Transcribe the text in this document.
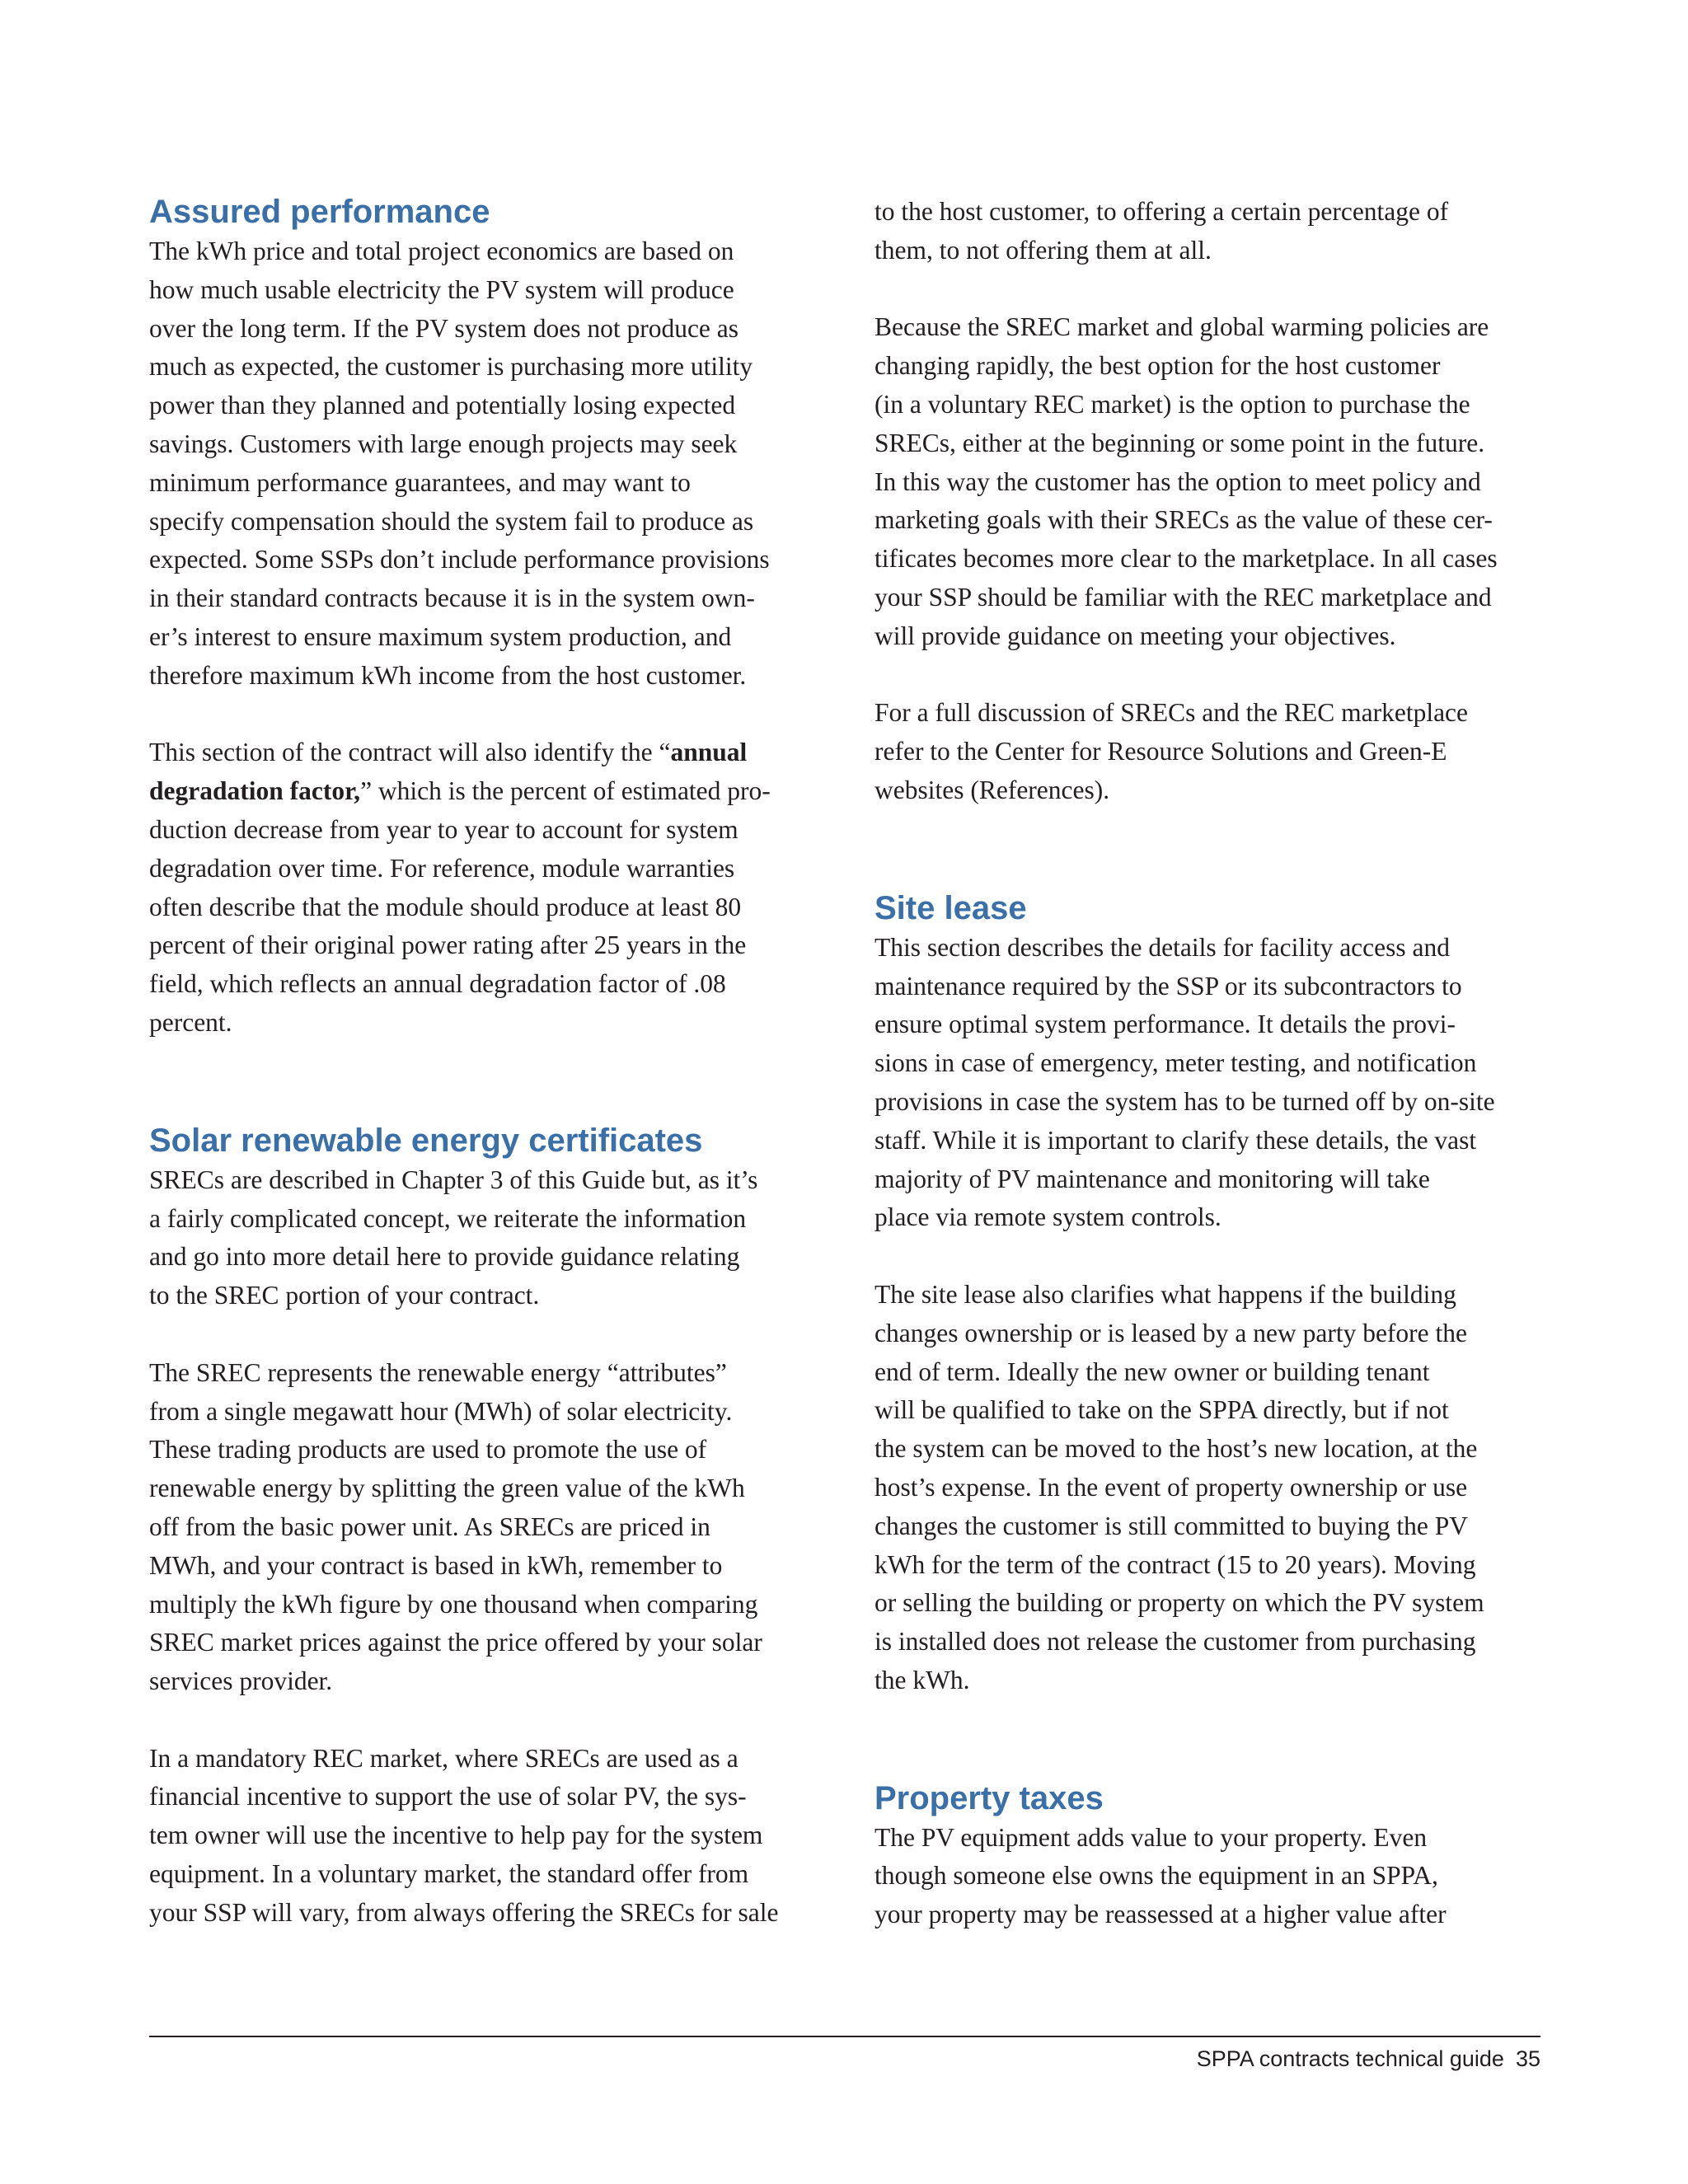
Assured performance

The kWh price and total project economics are based on
how much usable electricity the PV system will produce
over the long term. If the PV system does not produce as
much as expected, the customer is purchasing more utility
power than they planned and potentially losing expected
savings. Customers with large enough projects may seek
minimum performance guarantees, and may want to
specify compensation should the system fail to produce as
expected. Some SSPs don’t include performance provisions
in their standard contracts because it is in the system own-
er’s interest to ensure maximum system production, and
therefore maximum kWh income from the host customer.

This section of the contract will also identify the “annual
degradation factor,” which is the percent of estimated pro-
duction decrease from year to year to account for system
degradation over time. For reference, module warranties
often describe that the module should produce at least 80
percent of their original power rating after 25 years in the
field, which reflects an annual degradation factor of .08
percent.

Solar renewable energy certificates

SRECs are described in Chapter 3 of this Guide but, as it’s
a fairly complicated concept, we reiterate the information
and go into more detail here to provide guidance relating
to the SREC portion of your contract.

The SREC represents the renewable energy “attributes”
from a single megawatt hour (MWh) of solar electricity.
These trading products are used to promote the use of
renewable energy by splitting the green value of the kWh
off from the basic power unit. As SRECs are priced in
MWh, and your contract is based in kWh, remember to
multiply the kWh figure by one thousand when comparing
SREC market prices against the price offered by your solar
services provider.

In a mandatory REC market, where SRECs are used as a
financial incentive to support the use of solar PV, the sys-
tem owner will use the incentive to help pay for the system
equipment. In a voluntary market, the standard offer from
your SSP will vary, from always offering the SRECs for sale

to the host customer, to offering a certain percentage of
them, to not offering them at all.

Because the SREC market and global warming policies are
changing rapidly, the best option for the host customer
(in a voluntary REC market) is the option to purchase the
SRECs, either at the beginning or some point in the future.
In this way the customer has the option to meet policy and
marketing goals with their SRECs as the value of these cer-
tificates becomes more clear to the marketplace. In all cases
your SSP should be familiar with the REC marketplace and
will provide guidance on meeting your objectives.

For a full discussion of SRECs and the REC marketplace
refer to the Center for Resource Solutions and Green-E
websites (References).

Site lease

This section describes the details for facility access and
maintenance required by the SSP or its subcontractors to
ensure optimal system performance. It details the provi-
sions in case of emergency, meter testing, and notification
provisions in case the system has to be turned off by on-site
staff. While it is important to clarify these details, the vast
majority of PV maintenance and monitoring will take
place via remote system controls.

The site lease also clarifies what happens if the building
changes ownership or is leased by a new party before the
end of term. Ideally the new owner or building tenant
will be qualified to take on the SPPA directly, but if not
the system can be moved to the host’s new location, at the
host’s expense. In the event of property ownership or use
changes the customer is still committed to buying the PV
kWh for the term of the contract (15 to 20 years). Moving
or selling the building or property on which the PV system
is installed does not release the customer from purchasing
the kWh.

Property taxes

The PV equipment adds value to your property. Even
though someone else owns the equipment in an SPPA,
your property may be reassessed at a higher value after

SPPA contracts technical guide 35
